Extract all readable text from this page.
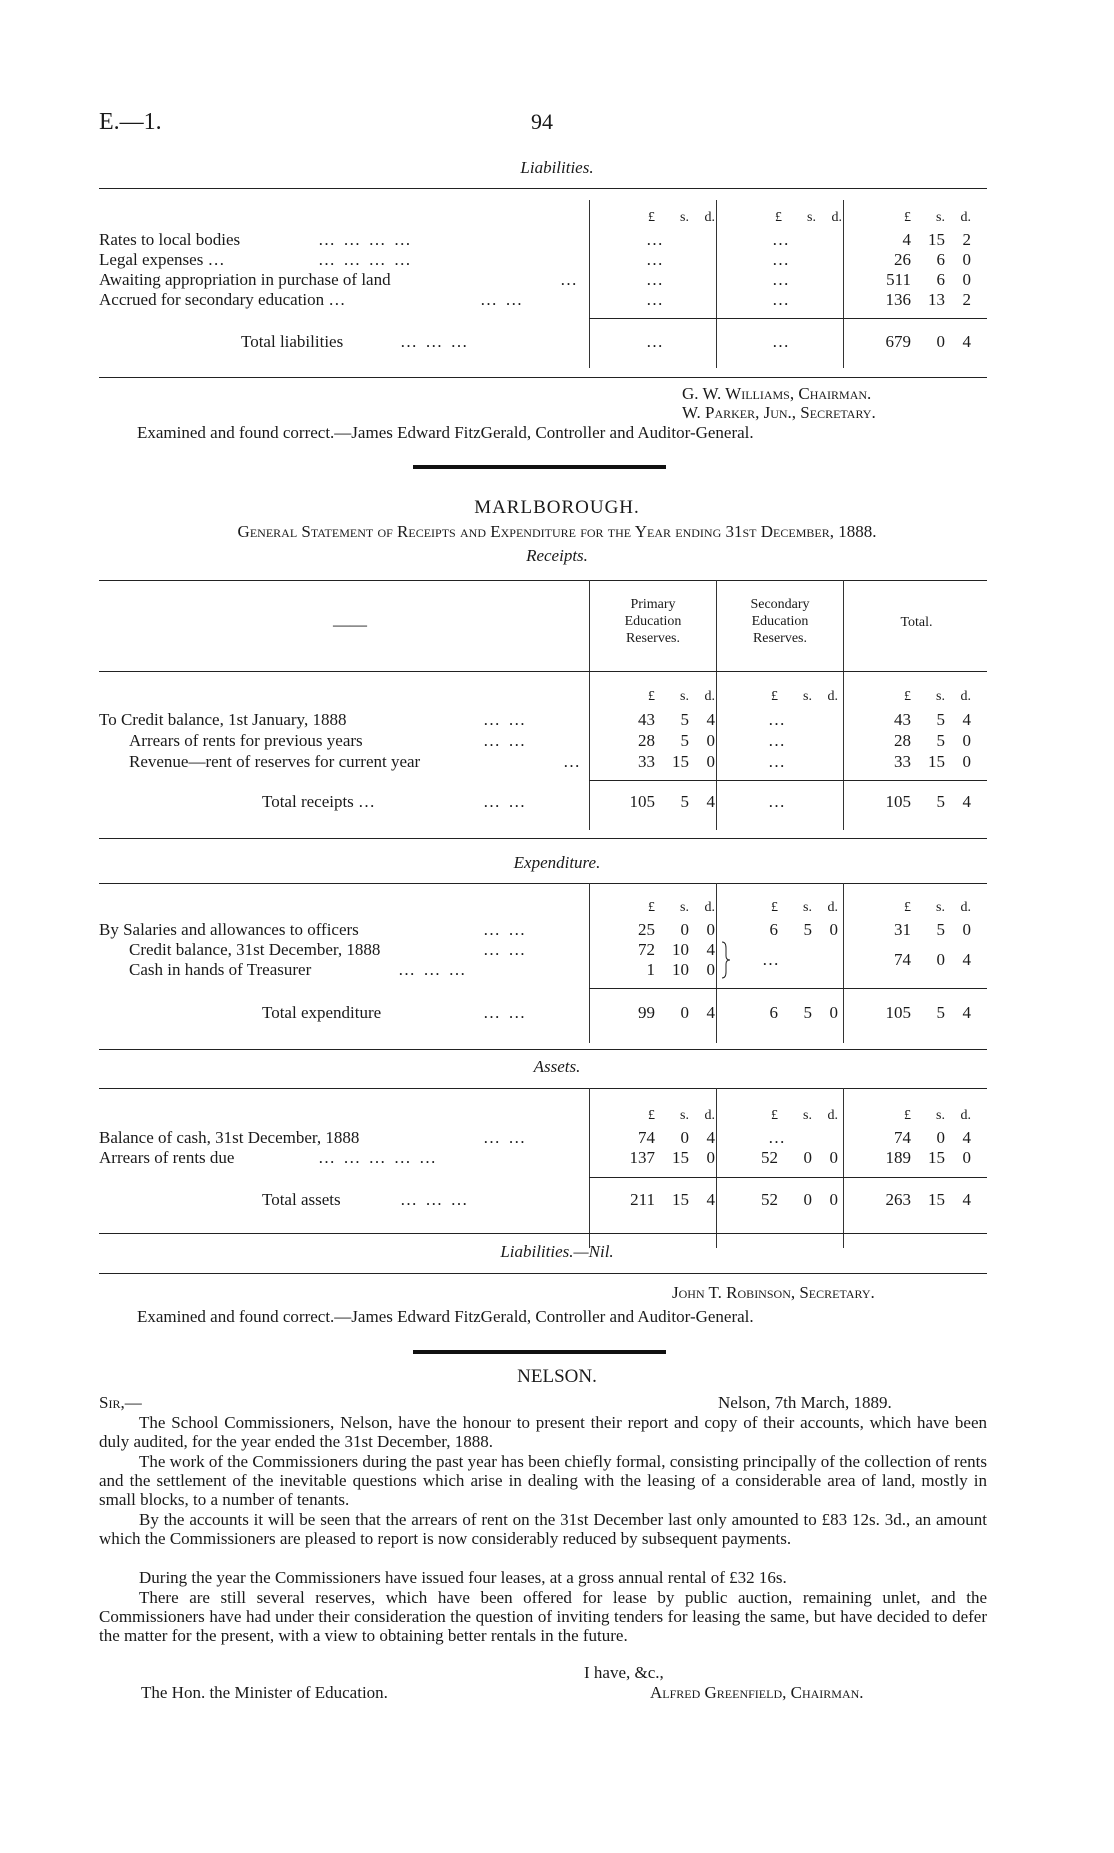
E.—1.	94
Liabilities.
£	s.	d.	£	s.	d.	£	s.	d.
Rates to local bodies	… … … …	…	…	4	15	2
Legal expenses …	… … … …	…	…	26	6	0
Awaiting appropriation in purchase of land	…	…	…	511	6	0
Accrued for secondary education …	… …	…	…	136	13	2
Total liabilities	… … …	…	…	679	0	4
G. W. Williams, Chairman.
W. Parker, Jun., Secretary.
Examined and found correct.—James Edward FitzGerald, Controller and Auditor-General.
MARLBOROUGH.
General Statement of Receipts and Expenditure for the Year ending 31st December, 1888.
Receipts.
——
Primary
Education
Reserves.
Secondary
Education
Reserves.
Total.
£	s.	d.	£	s.	d.	£	s.	d.
To Credit balance, 1st January, 1888	… …	43	5	4	…	43	5	4
Arrears of rents for previous years	… …	28	5	0	…	28	5	0
Revenue—rent of reserves for current year	…	33	15	0	…	33	15	0
Total receipts …	… …	105	5	4	…	105	5	4
Expenditure.
£	s.	d.	£	s.	d.	£	s.	d.
By Salaries and allowances to officers	… …	25	0	0	6	5	0	31	5	0
Credit balance, 31st December, 1888	… …	72	10	4
Cash in hands of Treasurer	… … …	1	10	0
…	74	0	4
Total expenditure	… …	99	0	4	6	5	0	105	5	4
Assets.
£	s.	d.	£	s.	d.	£	s.	d.
Balance of cash, 31st December, 1888	… …	74	0	4	…	74	0	4
Arrears of rents due	… … … … …	137	15	0	52	0	0	189	15	0
Total assets	… … …	211	15	4	52	0	0	263	15	4
Liabilities.—Nil.
John T. Robinson, Secretary.
Examined and found correct.—James Edward FitzGerald, Controller and Auditor-General.
NELSON.
Sir,—	Nelson, 7th March, 1889.

The School Commissioners, Nelson, have the honour to present their report and copy of their accounts, which have been duly audited, for the year ended the 31st December, 1888.

The work of the Commissioners during the past year has been chiefly formal, consisting principally of the collection of rents and the settlement of the inevitable questions which arise in dealing with the leasing of a considerable area of land, mostly in small blocks, to a number of tenants.

By the accounts it will be seen that the arrears of rent on the 31st December last only amounted to £83 12s. 3d., an amount which the Commissioners are pleased to report is now considerably reduced by subsequent payments.

During the year the Commissioners have issued four leases, at a gross annual rental of £32 16s.

There are still several reserves, which have been offered for lease by public auction, remaining unlet, and the Commissioners have had under their consideration the question of inviting tenders for leasing the same, but have decided to defer the matter for the present, with a view to obtaining better rentals in the future.

I have, &c.,
The Hon. the Minister of Education.	Alfred Greenfield, Chairman.
